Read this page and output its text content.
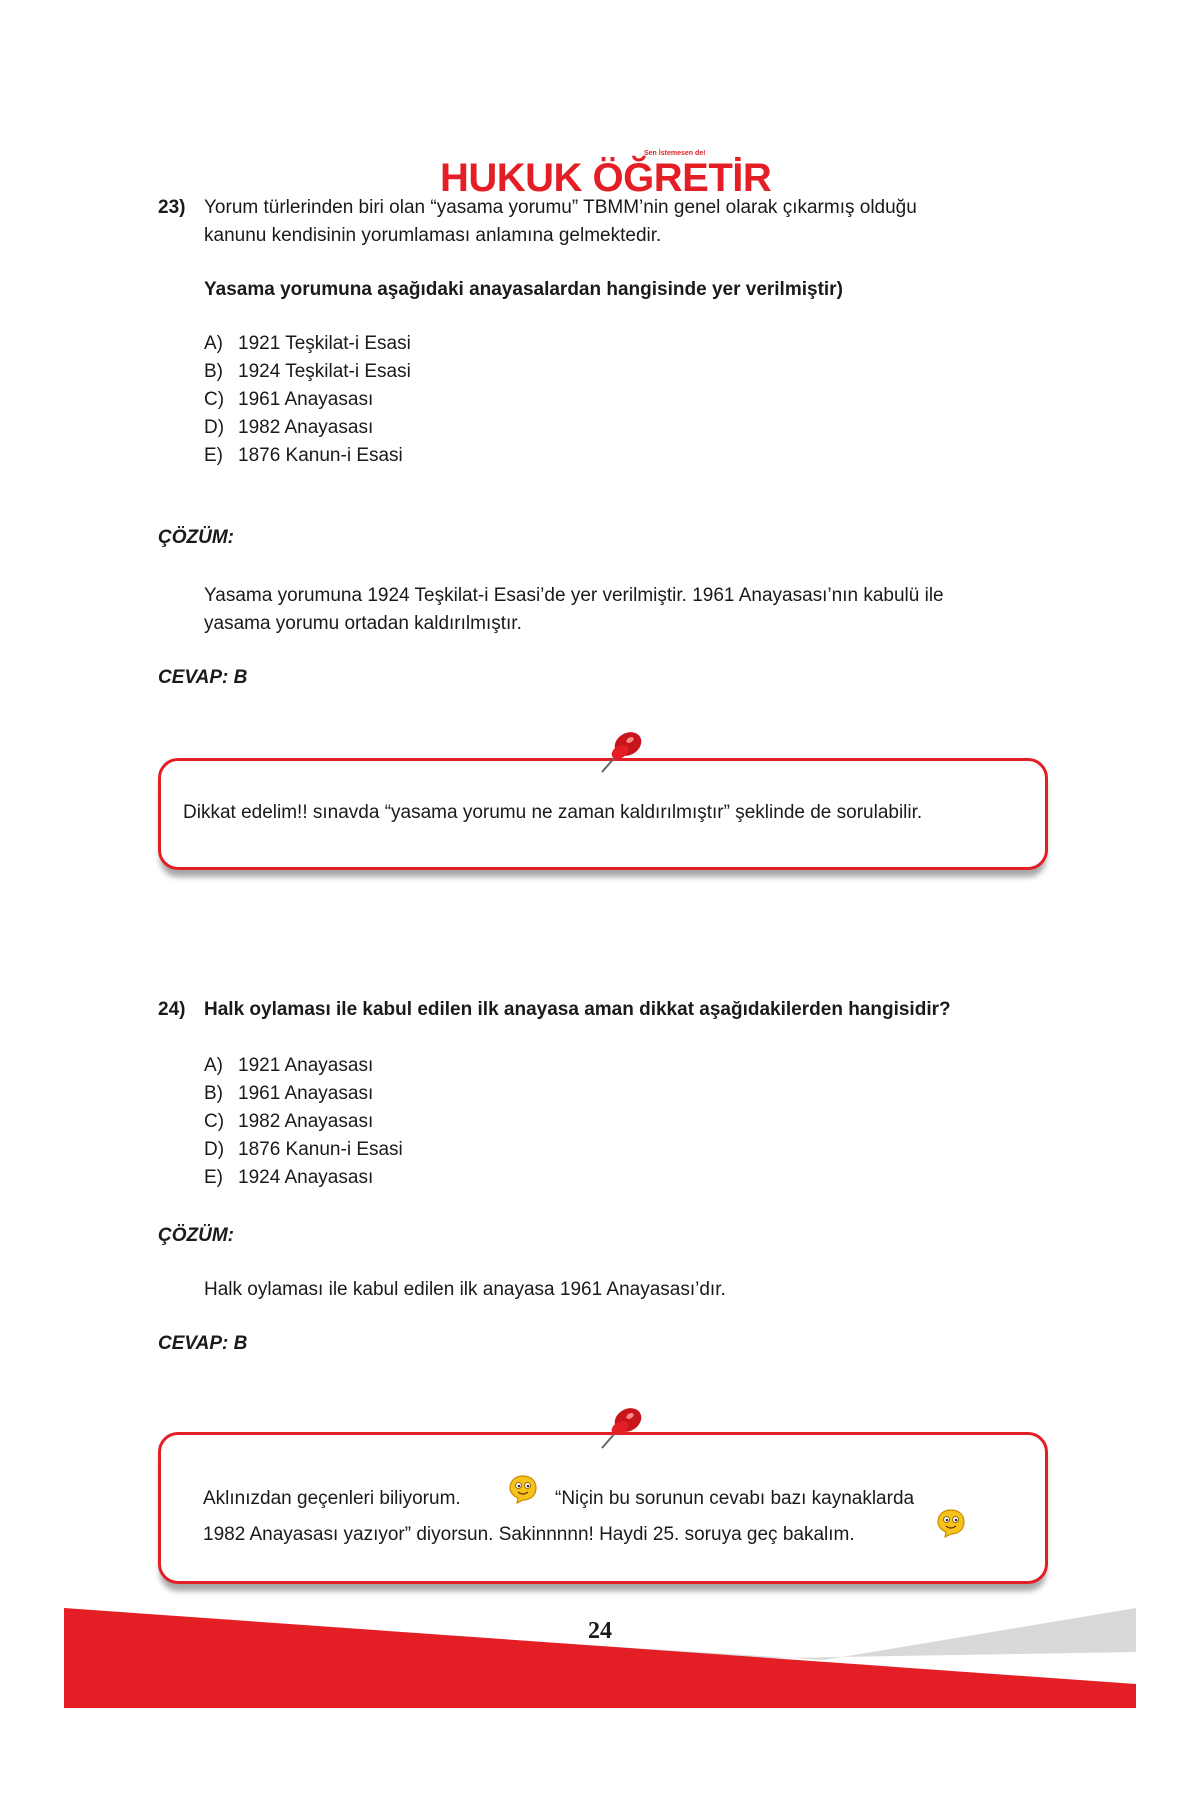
Sen İstemesen de!
HUKUK ÖĞRETİR
23) Yorum türlerinden biri olan “yasama yorumu” TBMM’nin genel olarak çıkarmış olduğu
kanunu kendisinin yorumlaması anlamına gelmektedir.
Yasama yorumuna aşağıdaki anayasalardan hangisinde yer verilmiştir)
A) 1921 Teşkilat-i Esasi
B) 1924 Teşkilat-i Esasi
C) 1961 Anayasası
D) 1982 Anayasası
E) 1876 Kanun-i Esasi
ÇÖZÜM:
Yasama yorumuna 1924 Teşkilat-i Esasi’de yer verilmiştir. 1961 Anayasası’nın kabulü ile
yasama yorumu ortadan kaldırılmıştır.
CEVAP: B
Dikkat edelim!! sınavda “yasama yorumu ne zaman kaldırılmıştır” şeklinde de sorulabilir.
24) Halk oylaması ile kabul edilen ilk anayasa aman dikkat aşağıdakilerden hangisidir?
A) 1921 Anayasası
B) 1961 Anayasası
C) 1982 Anayasası
D) 1876 Kanun-i Esasi
E) 1924 Anayasası
ÇÖZÜM:
Halk oylaması ile kabul edilen ilk anayasa 1961 Anayasası’dır.
CEVAP: B
Aklınızdan geçenleri biliyorum.	“Niçin bu sorunun cevabı bazı kaynaklarda
1982 Anayasası yazıyor” diyorsun. Sakinnnnn! Haydi 25. soruya geç bakalım.
24
